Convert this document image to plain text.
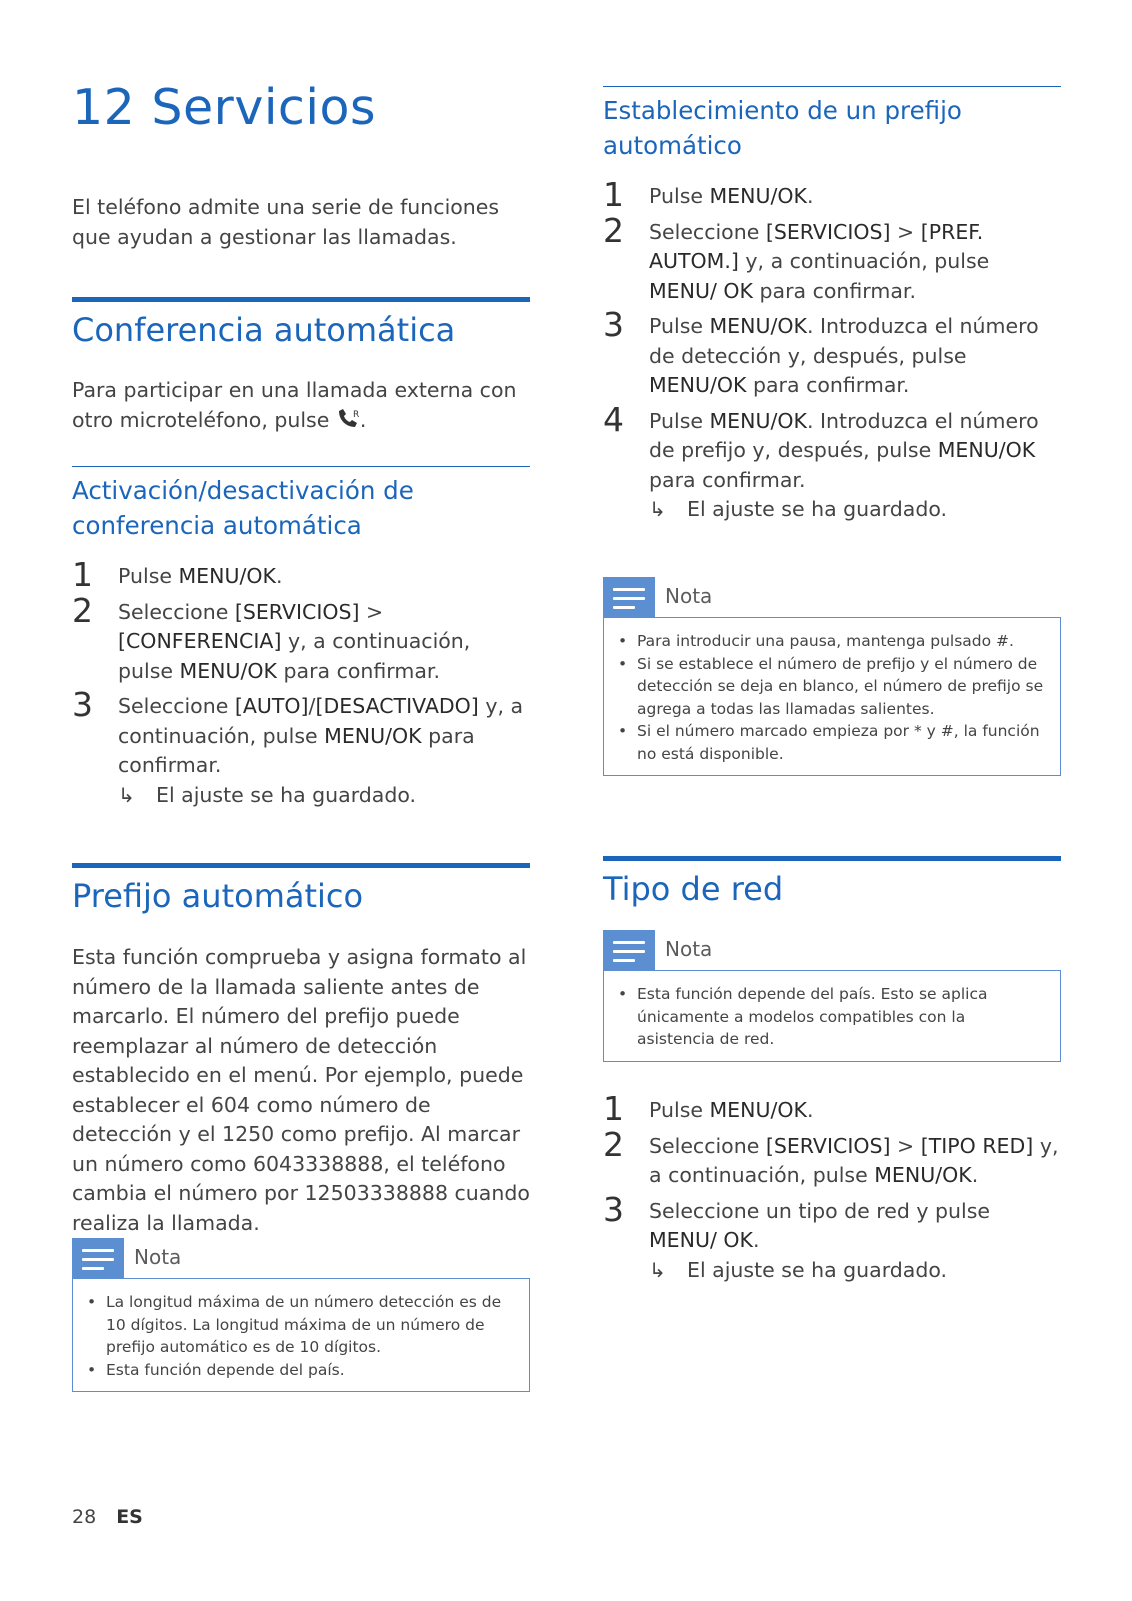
12 Servicios

El teléfono admite una serie de funciones que ayudan a gestionar las llamadas.

Conferencia automática

Para participar en una llamada externa con otro microteléfono, pulse R .

Activación/desactivación de conferencia automática
1 Pulse MENU/OK.
2 Seleccione [SERVICIOS] > [CONFERENCIA] y, a continuación, pulse MENU/OK para confirmar.
3 Seleccione [AUTO]/[DESACTIVADO] y, a continuación, pulse MENU/OK para confirmar.
↳	El ajuste se ha guardado.
Prefijo automático

Esta función comprueba y asigna formato al número de la llamada saliente antes de marcarlo. El número del prefijo puede reemplazar al número de detección establecido en el menú. Por ejemplo, puede establecer el 604 como número de detección y el 1250 como prefijo. Al marcar un número como 6043338888, el teléfono cambia el número por 12503338888 cuando realiza la llamada.

Nota
• La longitud máxima de un número detección es de 10 dígitos. La longitud máxima de un número de prefijo automático es de 10 dígitos.
• Esta función depende del país.
Establecimiento de un prefijo automático
1 Pulse MENU/OK.
2 Seleccione [SERVICIOS] > [PREF. AUTOM.] y, a continuación, pulse MENU/ OK para confirmar.
3 Pulse MENU/OK. Introduzca el número de detección y, después, pulse MENU/OK para confirmar.
4 Pulse MENU/OK. Introduzca el número de prefijo y, después, pulse MENU/OK para confirmar.
↳	El ajuste se ha guardado.
Nota
• Para introducir una pausa, mantenga pulsado #.
• Si se establece el número de prefijo y el número de detección se deja en blanco, el número de prefijo se agrega a todas las llamadas salientes.
• Si el número marcado empieza por * y #, la función no está disponible.
Tipo de red
Nota
• Esta función depende del país. Esto se aplica únicamente a modelos compatibles con la asistencia de red.
1 Pulse MENU/OK.
2 Seleccione [SERVICIOS] > [TIPO RED] y, a continuación, pulse MENU/OK.
3 Seleccione un tipo de red y pulse MENU/ OK.
↳	El ajuste se ha guardado.
28 ES
